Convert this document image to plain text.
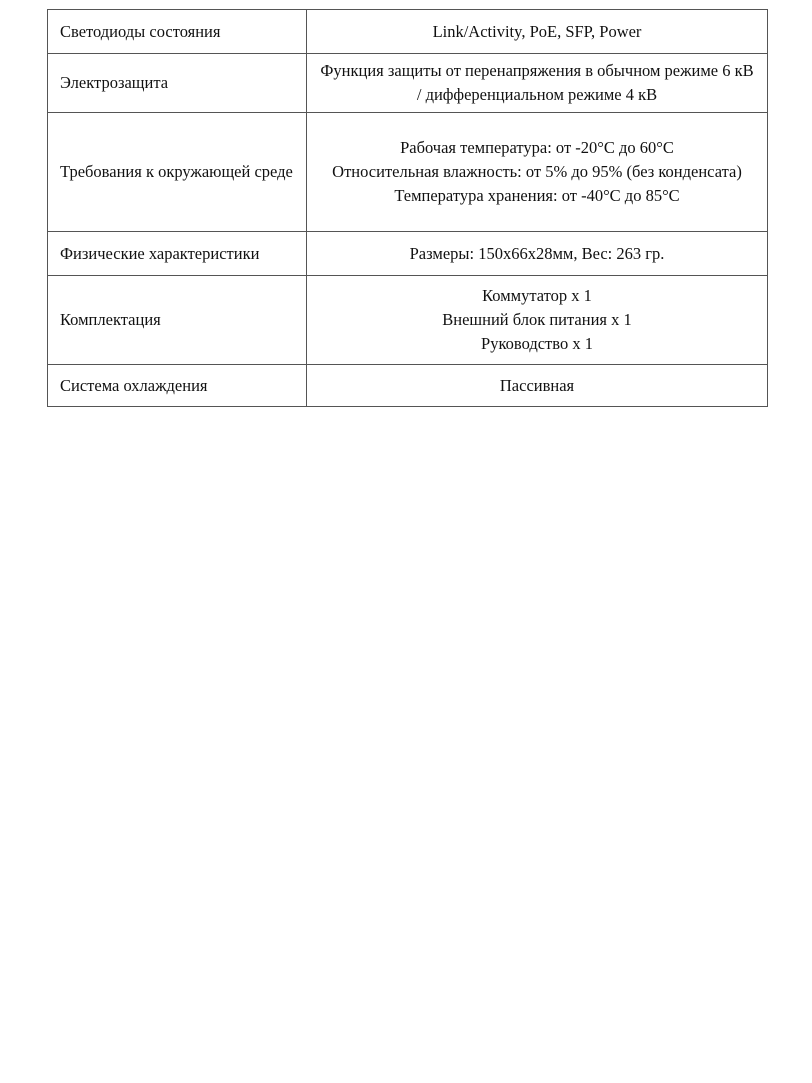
Светодиоды состояния	Link/Activity, PoE, SFP, Power

Электрозащита	Функция защиты от перенапряжения в обычном режиме 6 кВ / дифференциальном режиме 4 кВ

Требования к окружающей среде	Рабочая температура: от -20°C до 60°C
Относительная влажность: от 5% до 95% (без конденсата)
Температура хранения: от -40°C до 85°C

Физические характеристики	Размеры: 150x66x28мм, Вес: 263 гр.

Комплектация	Коммутатор x 1
Внешний блок питания x 1
Руководство x 1

Система охлаждения	Пассивная
